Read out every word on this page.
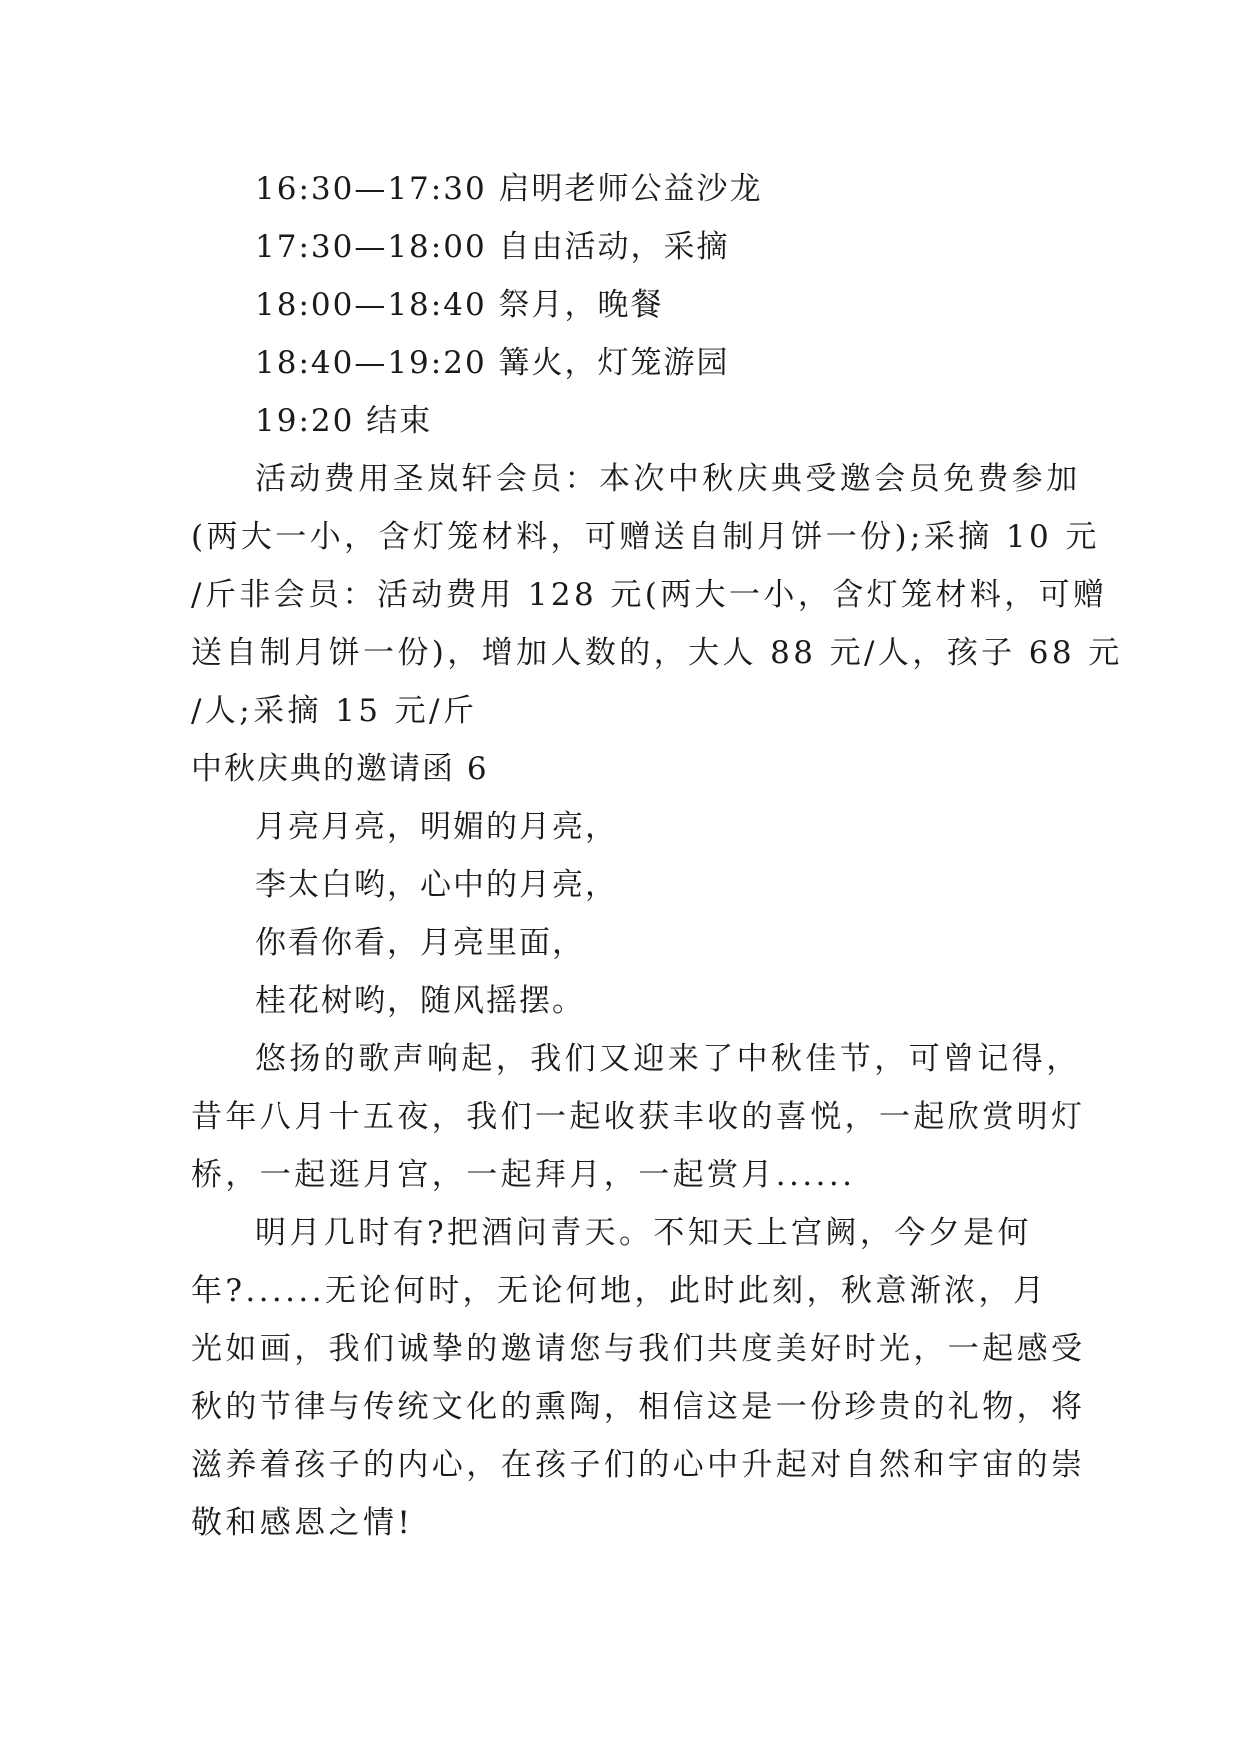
16:30—17:30 启明老师公益沙龙
17:30—18:00 自由活动，采摘
18:00—18:40 祭月，晚餐
18:40—19:20 篝火，灯笼游园
19:20 结束
活动费用圣岚轩会员：本次中秋庆典受邀会员免费参加
(两大一小，含灯笼材料，可赠送自制月饼一份);采摘 10 元
/斤非会员：活动费用 128 元(两大一小，含灯笼材料，可赠
送自制月饼一份)，增加人数的，大人 88 元/人，孩子 68 元
/人;采摘 15 元/斤
中秋庆典的邀请函 6
月亮月亮，明媚的月亮，
李太白哟，心中的月亮，
你看你看，月亮里面，
桂花树哟，随风摇摆。
悠扬的歌声响起，我们又迎来了中秋佳节，可曾记得，
昔年八月十五夜，我们一起收获丰收的喜悦，一起欣赏明灯
桥，一起逛月宫，一起拜月，一起赏月......
明月几时有?把酒问青天。不知天上宫阙，今夕是何
年?......无论何时，无论何地，此时此刻，秋意渐浓，月
光如画，我们诚挚的邀请您与我们共度美好时光，一起感受
秋的节律与传统文化的熏陶，相信这是一份珍贵的礼物，将
滋养着孩子的内心，在孩子们的心中升起对自然和宇宙的崇
敬和感恩之情!
